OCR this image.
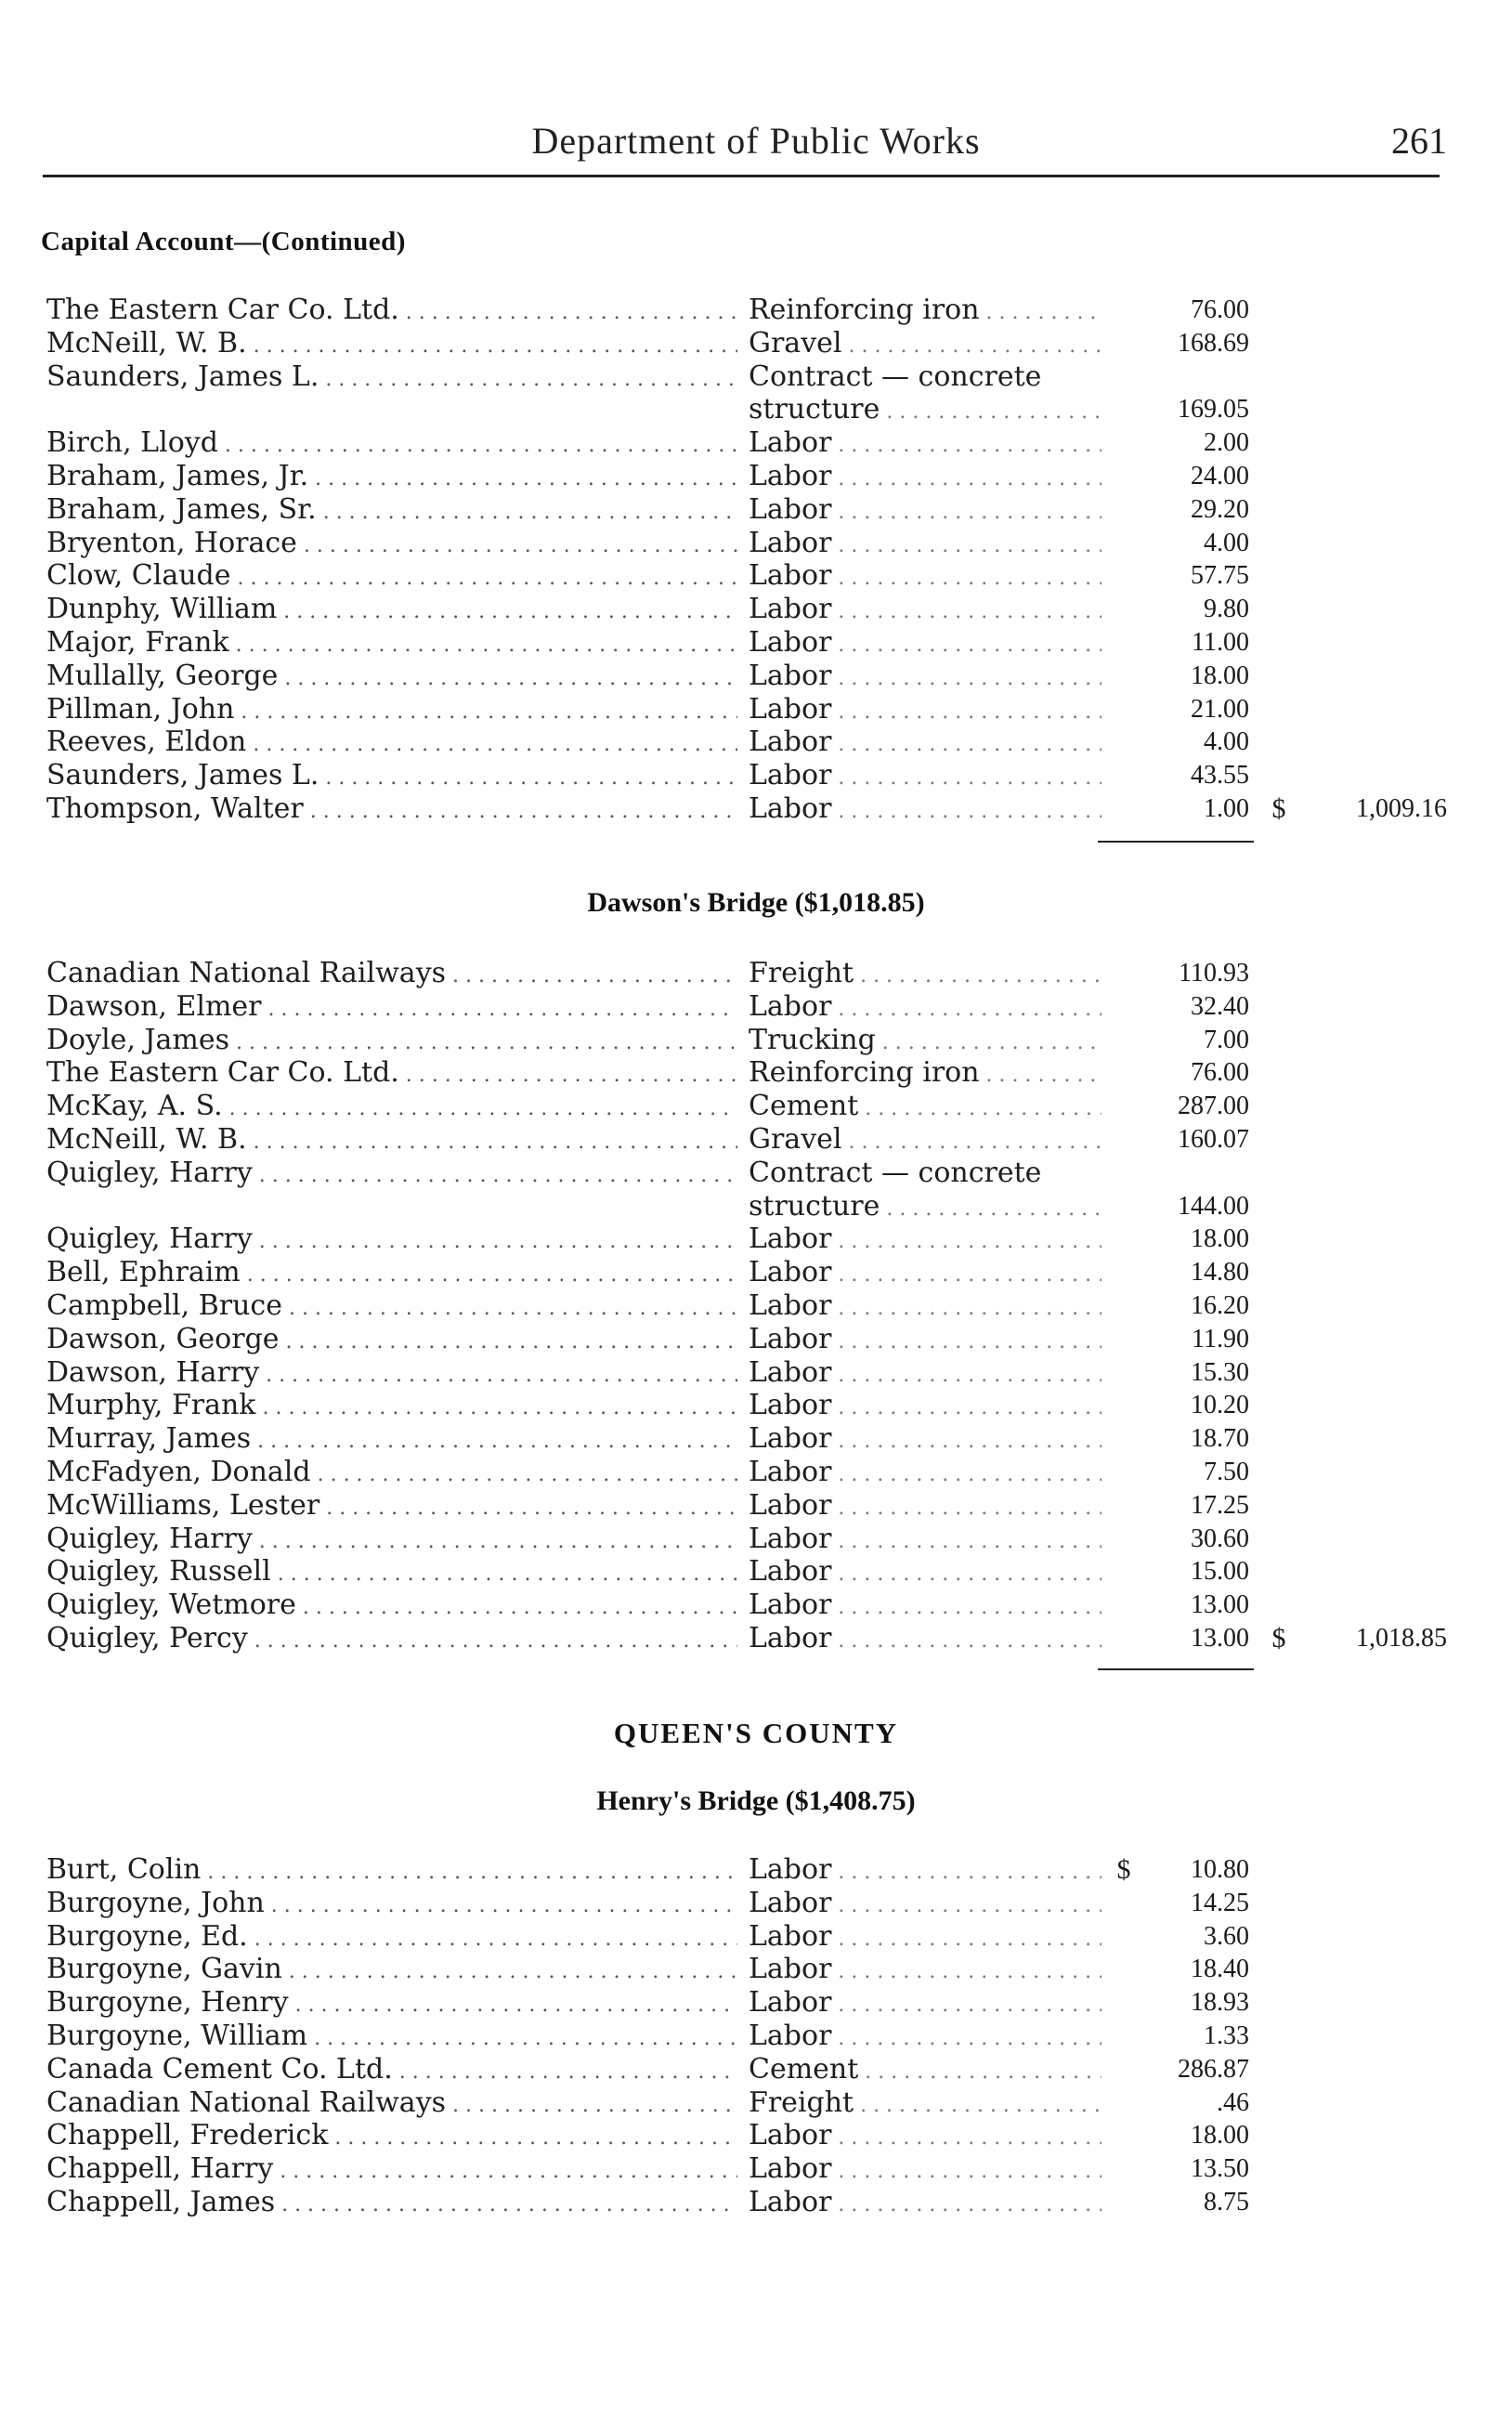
Department of Public Works	261
Capital Account—(Continued)
The Eastern Car Co. Ltd. . . .	Reinforcing iron . . .	76.00
McNeill, W. B. . . .	Gravel . . .	168.69
Saunders, James L. . . .	Contract — concrete
structure . . .	169.05
Birch, Lloyd . . .	Labor . . .	2.00
Braham, James, Jr. . . .	Labor . . .	24.00
Braham, James, Sr. . . .	Labor . . .	29.20
Bryenton, Horace . . .	Labor . . .	4.00
Clow, Claude . . .	Labor . . .	57.75
Dunphy, William . . .	Labor . . .	9.80
Major, Frank . . .	Labor . . .	11.00
Mullally, George . . .	Labor . . .	18.00
Pillman, John . . .	Labor . . .	21.00
Reeves, Eldon . . .	Labor . . .	4.00
Saunders, James L. . . .	Labor . . .	43.55
Thompson, Walter . . .	Labor . . .	1.00 $	1,009.16
Dawson's Bridge ($1,018.85)
Canadian National Railways . . .	Freight . . .	110.93
Dawson, Elmer . . .	Labor . . .	32.40
Doyle, James . . .	Trucking . . .	7.00
The Eastern Car Co. Ltd. . . .	Reinforcing iron . . .	76.00
McKay, A. S. . . .	Cement . . .	287.00
McNeill, W. B. . . .	Gravel . . .	160.07
Quigley, Harry . . .	Contract — concrete
structure . . .	144.00
Quigley, Harry . . .	Labor . . .	18.00
Bell, Ephraim . . .	Labor . . .	14.80
Campbell, Bruce . . .	Labor . . .	16.20
Dawson, George . . .	Labor . . .	11.90
Dawson, Harry . . .	Labor . . .	15.30
Murphy, Frank . . .	Labor . . .	10.20
Murray, James . . .	Labor . . .	18.70
McFadyen, Donald . . .	Labor . . .	7.50
McWilliams, Lester . . .	Labor . . .	17.25
Quigley, Harry . . .	Labor . . .	30.60
Quigley, Russell . . .	Labor . . .	15.00
Quigley, Wetmore . . .	Labor . . .	13.00
Quigley, Percy . . .	Labor . . .	13.00 $	1,018.85
QUEEN'S COUNTY
Henry's Bridge ($1,408.75)
Burt, Colin . . .	Labor . . .	$	10.80
Burgoyne, John . . .	Labor . . .	14.25
Burgoyne, Ed. . . .	Labor . . .	3.60
Burgoyne, Gavin . . .	Labor . . .	18.40
Burgoyne, Henry . . .	Labor . . .	18.93
Burgoyne, William . . .	Labor . . .	1.33
Canada Cement Co. Ltd. . . .	Cement . . .	286.87
Canadian National Railways . . .	Freight . . .	.46
Chappell, Frederick . . .	Labor . . .	18.00
Chappell, Harry . . .	Labor . . .	13.50
Chappell, James . . .	Labor . . .	8.75
